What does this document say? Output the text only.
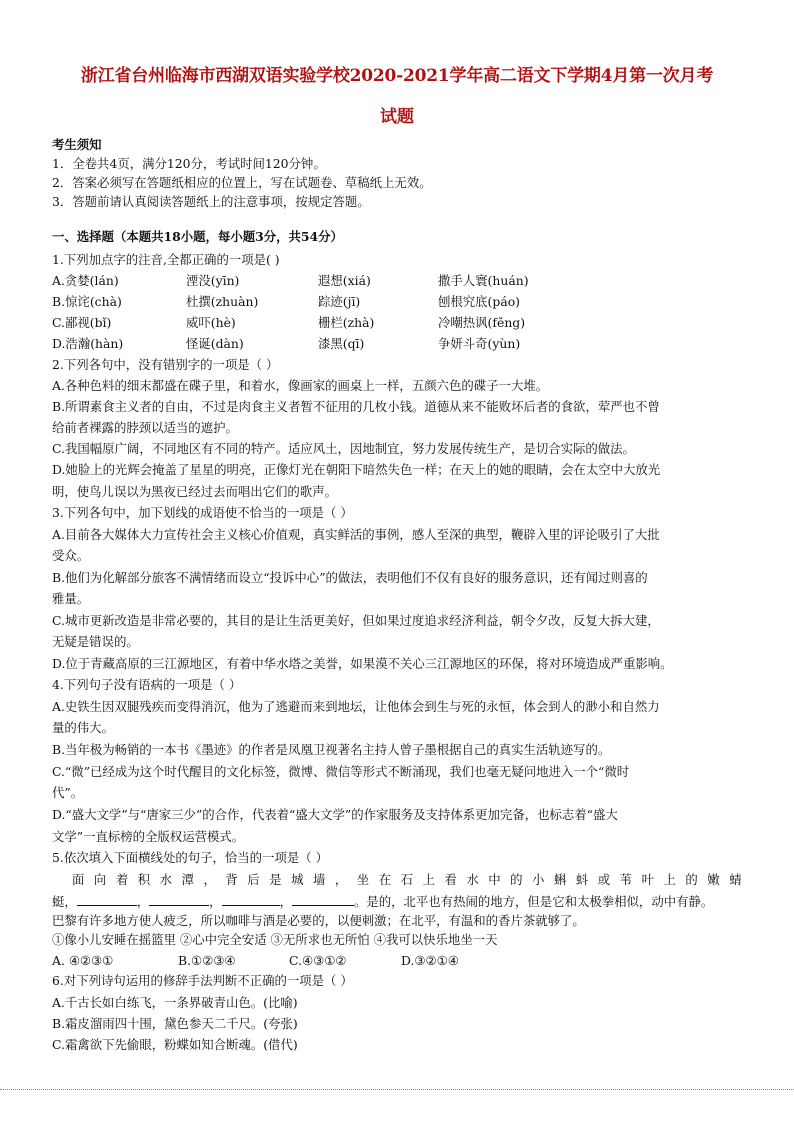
浙江省台州临海市西湖双语实验学校2020-2021学年高二语文下学期4月第一次月考
试题
考生须知
1．全卷共4页，满分120分，考试时间120分钟。
2．答案必须写在答题纸相应的位置上，写在试题卷、草稿纸上无效。
3．答题前请认真阅读答题纸上的注意事项，按规定答题。
一、选择题（本题共18小题，每小题3分，共54分）
1.下列加点字的注音,全都正确的一项是( )
A.贪婪(lán)	湮没(yīn)	遐想(xiá)	撒手人寰(huán)
B.惊诧(chà)	杜撰(zhuàn)	踪迹(jī)	刨根究底(páo)
C.鄙视(bǐ)	威吓(hè)	栅栏(zhà)	冷嘲热讽(fěng)
D.浩瀚(hàn)	怪诞(dàn)	漆黑(qī)	争妍斗奇(yùn)
2.下列各句中，没有错别字的一项是（ ）
A.各种色料的细末都盛在碟子里，和着水，像画家的画桌上一样，五颜六色的碟子一大堆。
B.所谓素食主义者的自由，不过是肉食主义者暂不征用的几枚小钱。道德从来不能败坏后者的食欲，荤严也不曾
给前者裸露的脖颈以适当的遮护。
C.我国幅原广阔，不同地区有不同的特产。适应风土，因地制宜，努力发展传统生产，是切合实际的做法。
D.她脸上的光辉会掩盖了星星的明亮，正像灯光在朝阳下暗然失色一样；在天上的她的眼睛，会在太空中大放光
明，使鸟儿误以为黑夜已经过去而唱出它们的歌声。
3.下列各句中，加下划线的成语使不恰当的一项是（ ）
A.目前各大媒体大力宣传社会主义核心价值观，真实鲜活的事例，感人至深的典型，鞭辟入里的评论吸引了大批
受众。
B.他们为化解部分旅客不满情绪而设立“投诉中心”的做法，表明他们不仅有良好的服务意识，还有闻过则喜的
雅量。
C.城市更新改造是非常必要的，其目的是让生活更美好，但如果过度追求经济利益，朝令夕改，反复大拆大建，
无疑是错误的。
D.位于青藏高原的三江源地区，有着中华水塔之美誉，如果漠不关心三江源地区的环保，将对环境造成严重影响。
4.下列句子没有语病的一项是（ ）
A.史铁生因双腿残疾而变得消沉，他为了逃避而来到地坛，让他体会到生与死的永恒，体会到人的渺小和自然力
量的伟大。
B.当年极为畅销的一本书《墨迹》的作者是凤凰卫视著名主持人曾子墨根据自己的真实生活轨迹写的。
C.“微”已经成为这个时代醒目的文化标签，微博、微信等形式不断涌现，我们也毫无疑问地进入一个“微时
代”。
D.“盛大文学”与“唐家三少”的合作，代表着“盛大文学”的作家服务及支持体系更加完备，也标志着“盛大
文学”一直标榜的全版权运营模式。
5.依次填入下面横线处的句子，恰当的一项是（ ）
面 向 着 积 水 潭 ， 背 后 是 城 墙 ， 坐 在 石 上 看 水 中 的 小 蝌 蚪 或 苇 叶 上 的 嫩 蜻
蜓，	，	，	，	。是的，北平也有热闹的地方，但是它和太极拳相似，动中有静。
巴黎有许多地方使人疲乏，所以咖啡与酒是必要的，以便刺激；在北平，有温和的香片茶就够了。
①像小儿安睡在摇篮里 ②心中完全安适 ③无所求也无所怕 ④我可以快乐地坐一天
A. ④②③①	B.①②③④	C.④③①②	D.③②①④
6.对下列诗句运用的修辞手法判断不正确的一项是（ ）
A.千古长如白练飞，一条界破青山色。(比喻)
B.霜皮溜雨四十围，黛色参天二千尺。(夸张)
C.霜禽欲下先偷眼，粉蝶如知合断魂。(借代)
